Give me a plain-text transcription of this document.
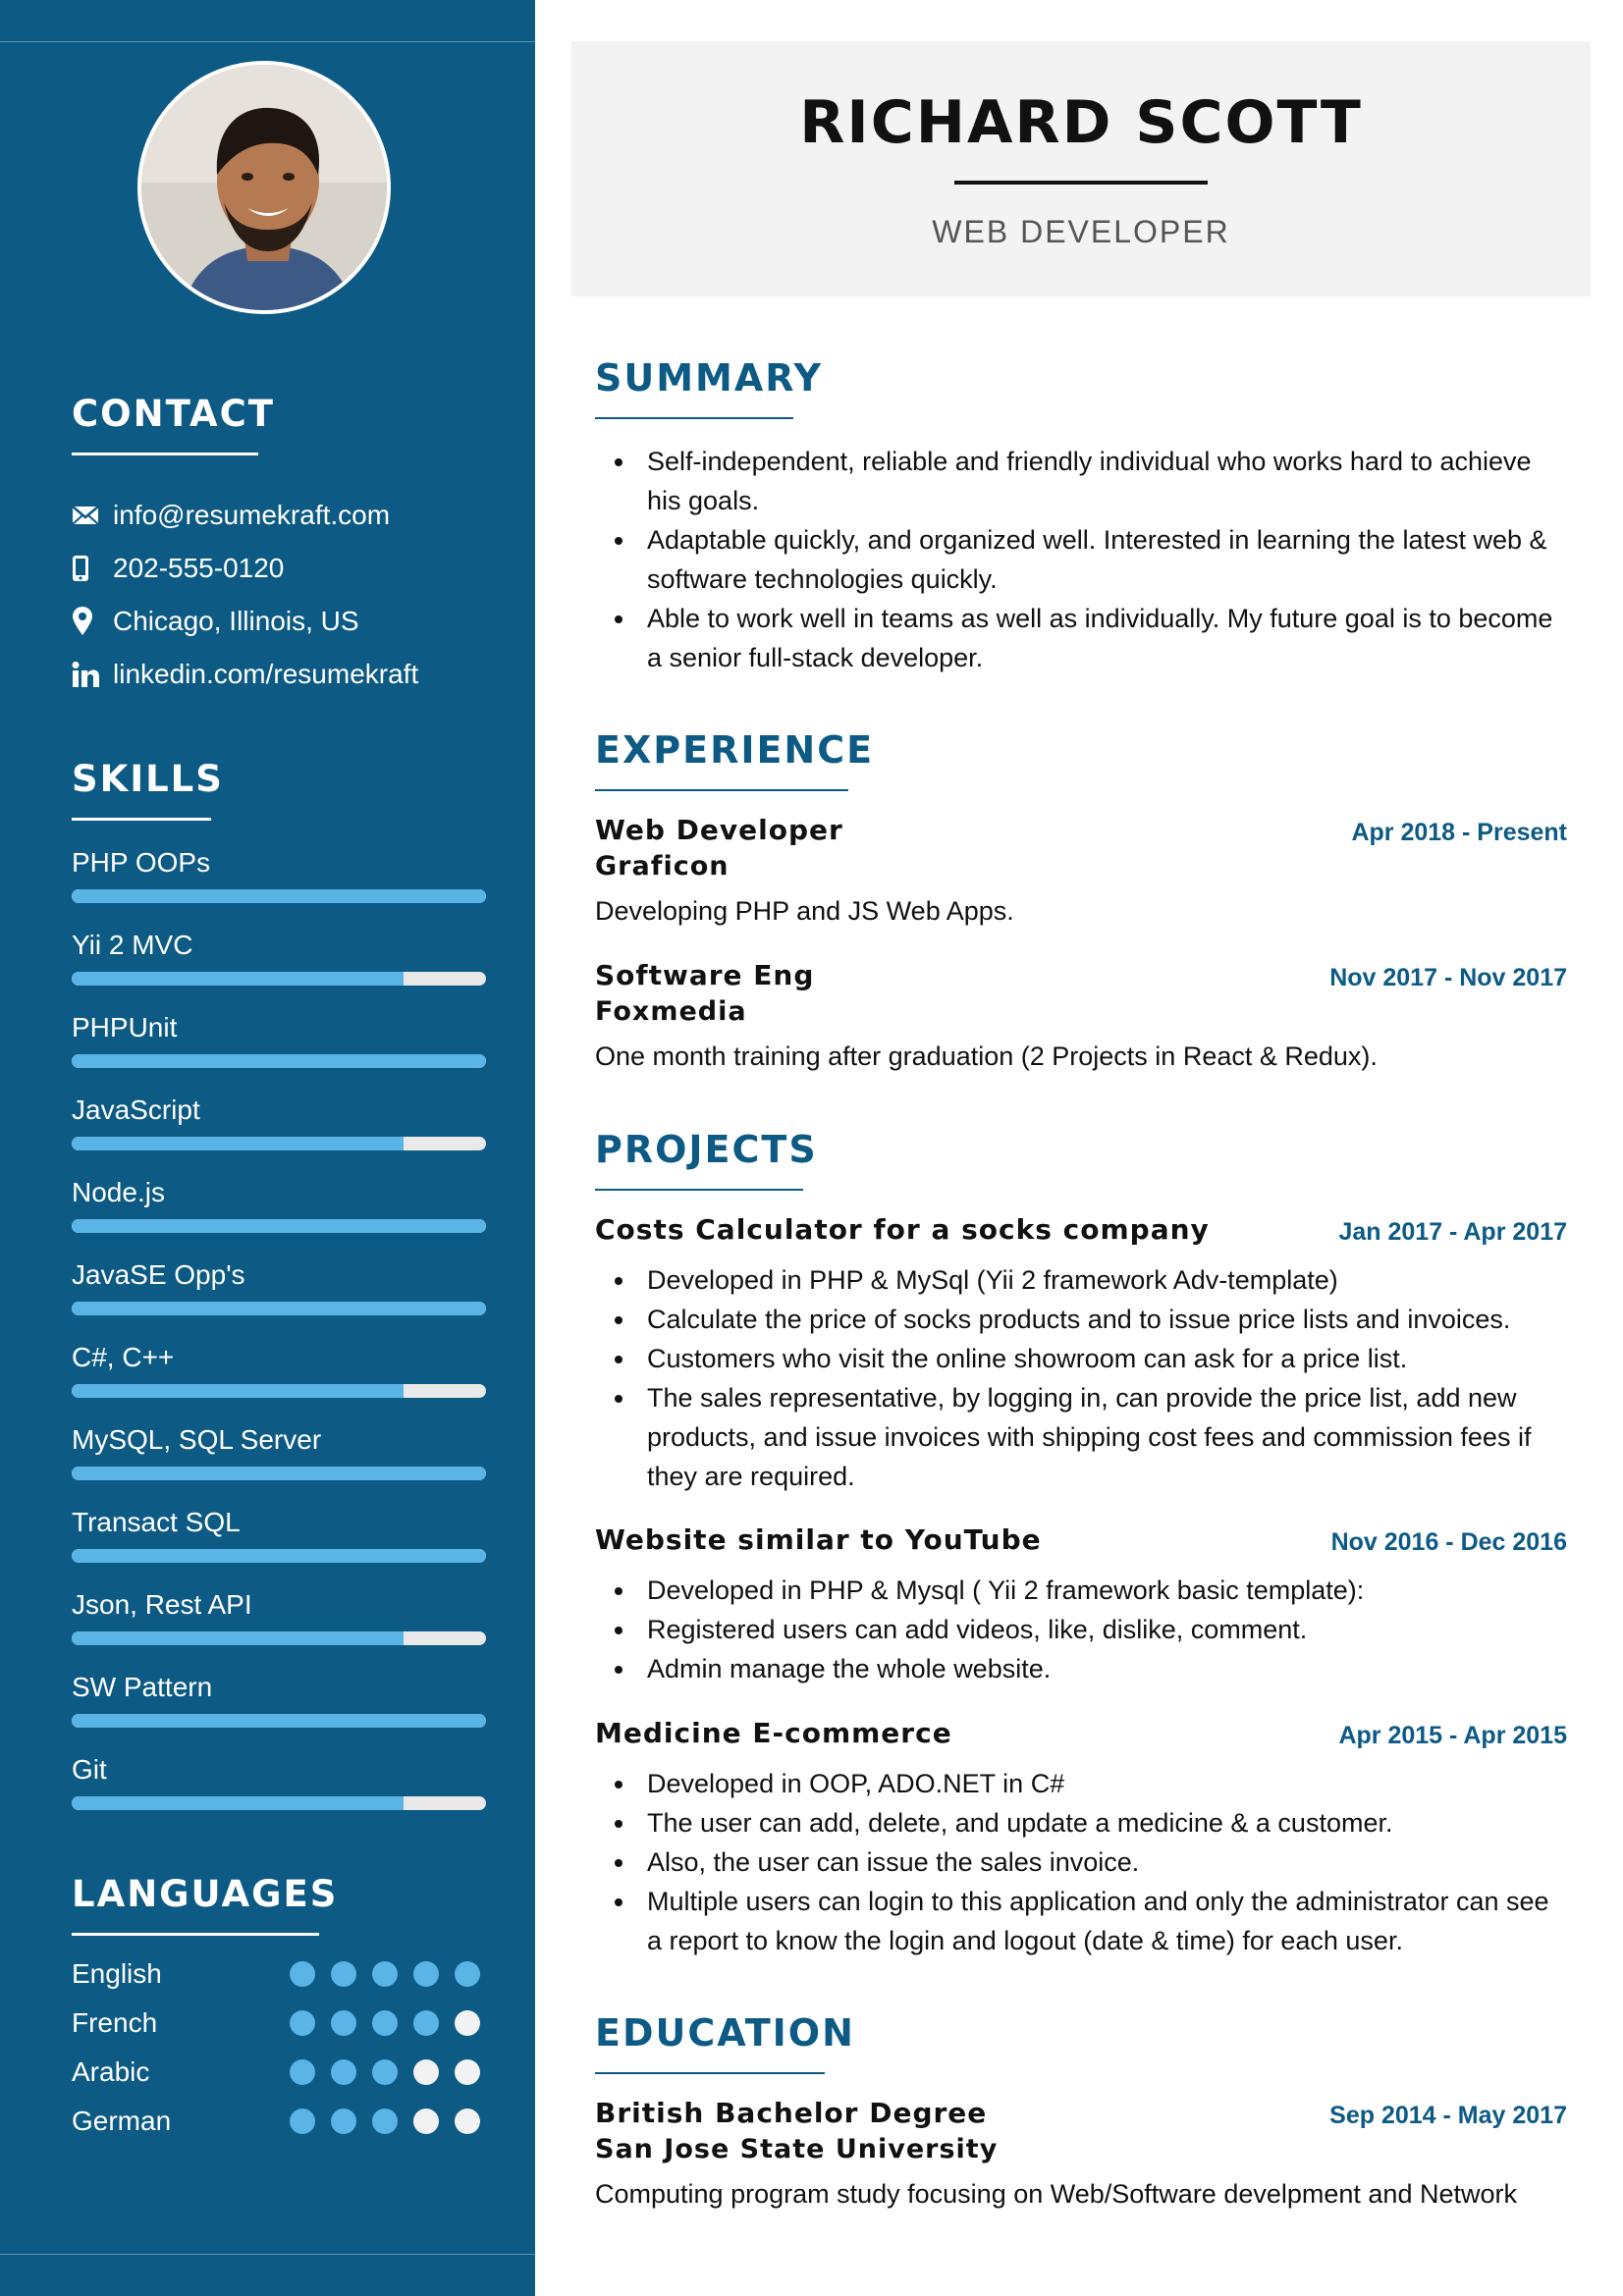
CONTACT
info@resumekraft.com
202-555-0120
Chicago, Illinois, US
linkedin.com/resumekraft
SKILLS
PHP OOPs
Yii 2 MVC
PHPUnit
JavaScript
Node.js
JavaSE Opp's
C#, C++
MySQL, SQL Server
Transact SQL
Json, Rest API
SW Pattern
Git
LANGUAGES
English
French
Arabic
German
RICHARD SCOTT
WEB DEVELOPER
SUMMARY
Self-independent, reliable and friendly individual who works hard to achieve his goals.
Adaptable quickly, and organized well. Interested in learning the latest web & software technologies quickly.
Able to work well in teams as well as individually. My future goal is to become a senior full-stack developer.
EXPERIENCE
Web Developer	Apr 2018 - Present
Graficon
Developing PHP and JS Web Apps.
Software Eng	Nov 2017 - Nov 2017
Foxmedia
One month training after graduation (2 Projects in React & Redux).
PROJECTS
Costs Calculator for a socks company	Jan 2017 - Apr 2017
Developed in PHP & MySql (Yii 2 framework Adv-template)
Calculate the price of socks products and to issue price lists and invoices.
Customers who visit the online showroom can ask for a price list.
The sales representative, by logging in, can provide the price list, add new products, and issue invoices with shipping cost fees and commission fees if they are required.
Website similar to YouTube	Nov 2016 - Dec 2016
Developed in PHP & Mysql ( Yii 2 framework basic template):
Registered users can add videos, like, dislike, comment.
Admin manage the whole website.
Medicine E-commerce	Apr 2015 - Apr 2015
Developed in OOP, ADO.NET in C#
The user can add, delete, and update a medicine & a customer.
Also, the user can issue the sales invoice.
Multiple users can login to this application and only the administrator can see a report to know the login and logout (date & time) for each user.
EDUCATION
British Bachelor Degree	Sep 2014 - May 2017
San Jose State University
Computing program study focusing on Web/Software develpment and Network
